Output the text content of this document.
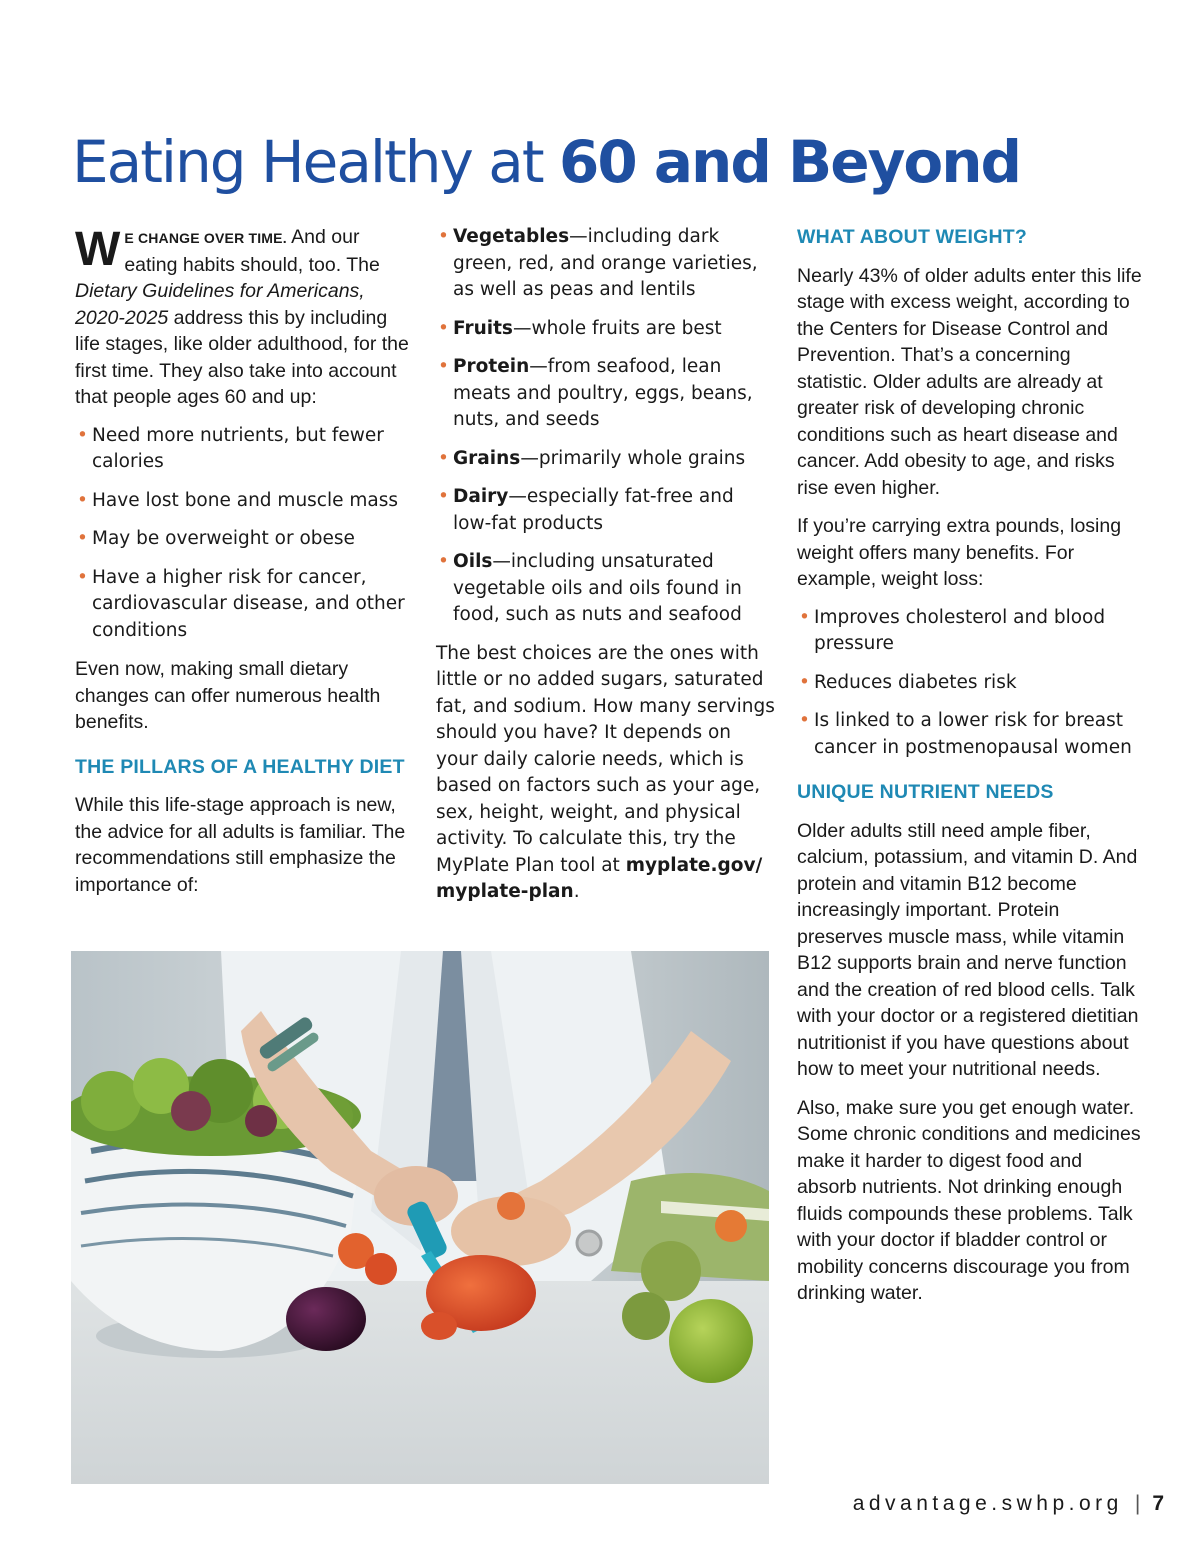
Eating Healthy at 60 and Beyond

W E CHANGE OVER TIME. And our eating habits should, too. The Dietary Guidelines for Americans, 2020-2025 address this by including life stages, like older adulthood, for the first time. They also take into account that people ages 60 and up:

• Need more nutrients, but fewer calories
• Have lost bone and muscle mass
• May be overweight or obese
• Have a higher risk for cancer, cardiovascular disease, and other conditions

Even now, making small dietary changes can offer numerous health benefits.

THE PILLARS OF A HEALTHY DIET

While this life-stage approach is new, the advice for all adults is familiar. The recommendations still emphasize the importance of:

• Vegetables—including dark green, red, and orange varieties, as well as peas and lentils
• Fruits—whole fruits are best
• Protein—from seafood, lean meats and poultry, eggs, beans, nuts, and seeds
• Grains—primarily whole grains
• Dairy—especially fat-free and low-fat products
• Oils—including unsaturated vegetable oils and oils found in food, such as nuts and seafood

The best choices are the ones with little or no added sugars, saturated fat, and sodium. How many servings should you have? It depends on your daily calorie needs, which is based on factors such as your age, sex, height, weight, and physical activity. To calculate this, try the MyPlate Plan tool at myplate.gov/ myplate-plan.

WHAT ABOUT WEIGHT?

Nearly 43% of older adults enter this life stage with excess weight, according to the Centers for Disease Control and Prevention. That’s a concerning statistic. Older adults are already at greater risk of developing chronic conditions such as heart disease and cancer. Add obesity to age, and risks rise even higher.

If you’re carrying extra pounds, losing weight offers many benefits. For example, weight loss:

• Improves cholesterol and blood pressure
• Reduces diabetes risk
• Is linked to a lower risk for breast cancer in postmenopausal women
UNIQUE NUTRIENT NEEDS

Older adults still need ample fiber, calcium, potassium, and vitamin D. And protein and vitamin B12 become increasingly important. Protein preserves muscle mass, while vitamin B12 supports brain and nerve function and the creation of red blood cells. Talk with your doctor or a registered dietitian nutritionist if you have questions about how to meet your nutritional needs.

Also, make sure you get enough water. Some chronic conditions and medicines make it harder to digest food and absorb nutrients. Not drinking enough fluids compounds these problems. Talk with your doctor if bladder control or mobility concerns discourage you from drinking water.

advantage.swhp.org | 7
